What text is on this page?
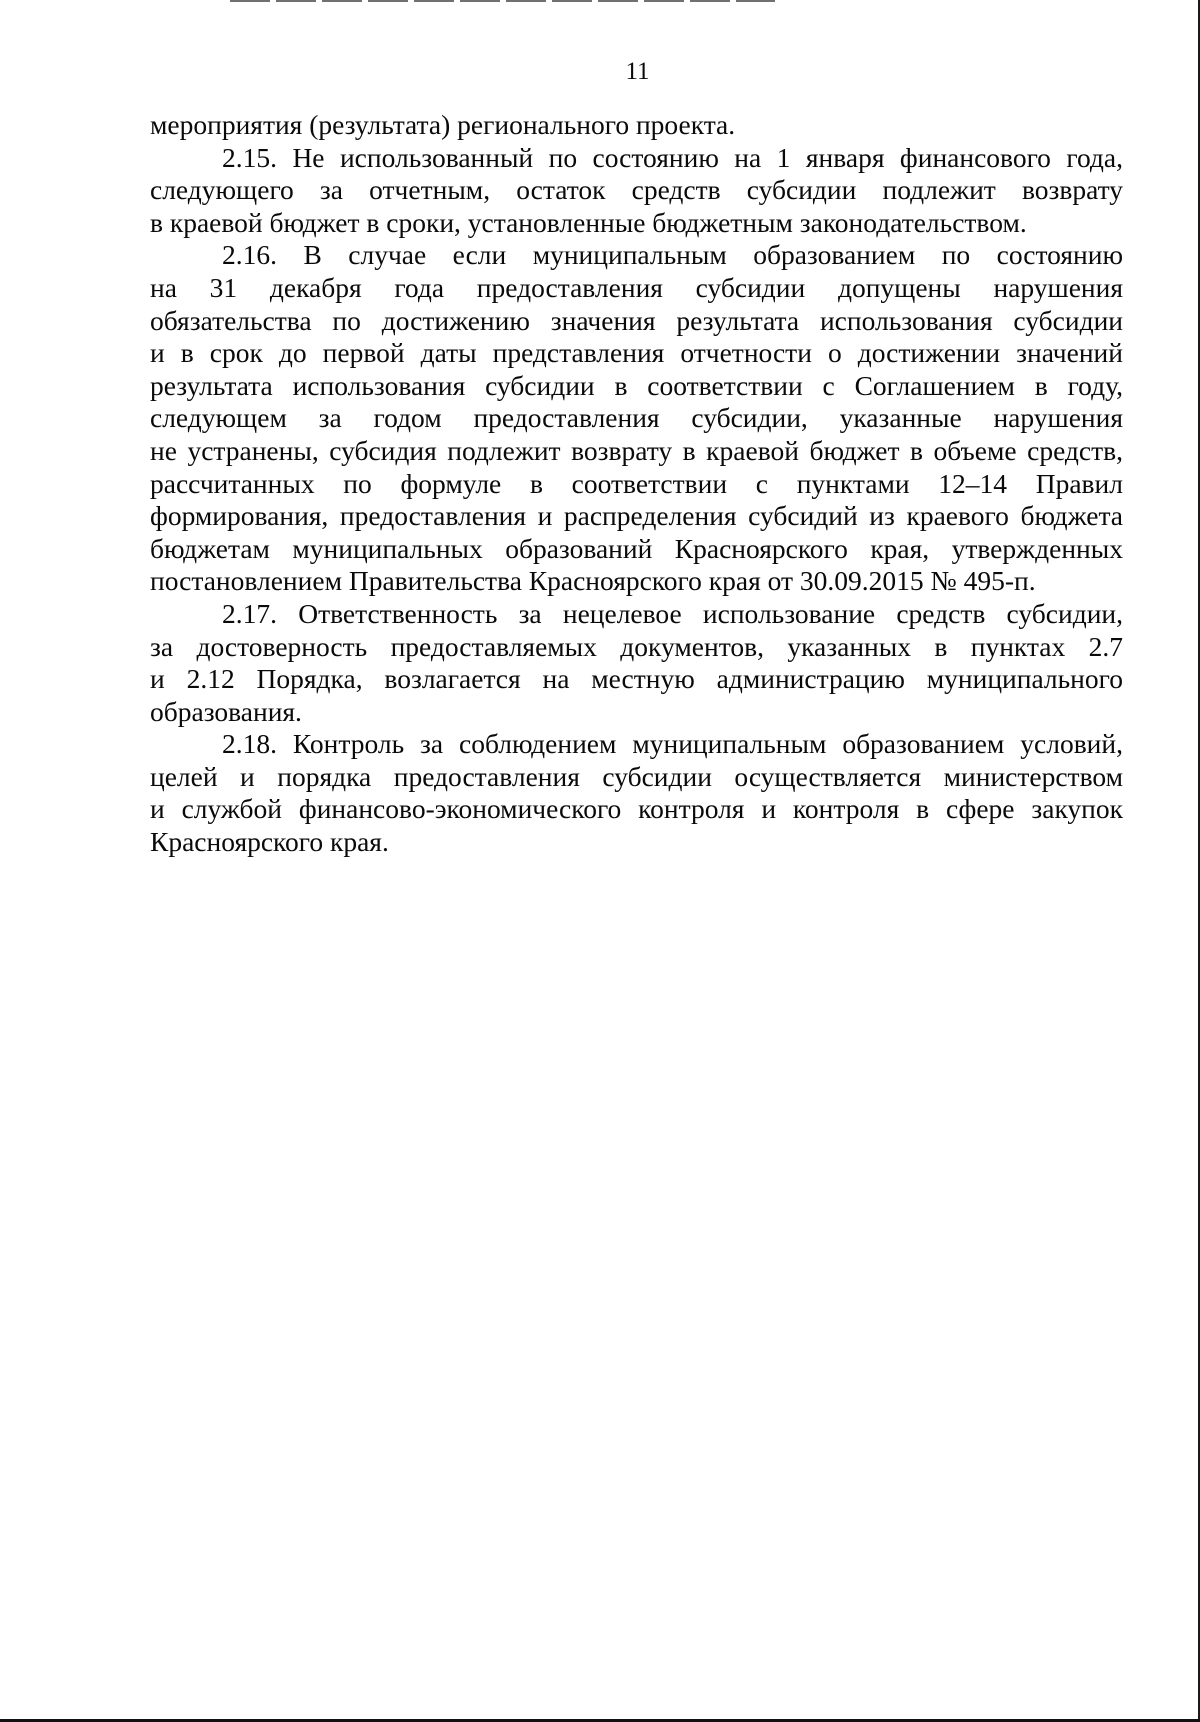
11
мероприятия (результата) регионального проекта.
2.15. Не использованный по состоянию на 1 января финансового года,
следующего за отчетным, остаток средств субсидии подлежит возврату
в краевой бюджет в сроки, установленные бюджетным законодательством.
2.16. В случае если муниципальным образованием по состоянию
на 31 декабря года предоставления субсидии допущены нарушения
обязательства по достижению значения результата использования субсидии
и в срок до первой даты представления отчетности о достижении значений
результата использования субсидии в соответствии с Соглашением в году,
следующем за годом предоставления субсидии, указанные нарушения
не устранены, субсидия подлежит возврату в краевой бюджет в объеме средств,
рассчитанных по формуле в соответствии с пунктами 12–14 Правил
формирования, предоставления и распределения субсидий из краевого бюджета
бюджетам муниципальных образований Красноярского края, утвержденных
постановлением Правительства Красноярского края от 30.09.2015 № 495-п.
2.17. Ответственность за нецелевое использование средств субсидии,
за достоверность предоставляемых документов, указанных в пунктах 2.7
и 2.12 Порядка, возлагается на местную администрацию муниципального
образования.
2.18. Контроль за соблюдением муниципальным образованием условий,
целей и порядка предоставления субсидии осуществляется министерством
и службой финансово-экономического контроля и контроля в сфере закупок
Красноярского края.
